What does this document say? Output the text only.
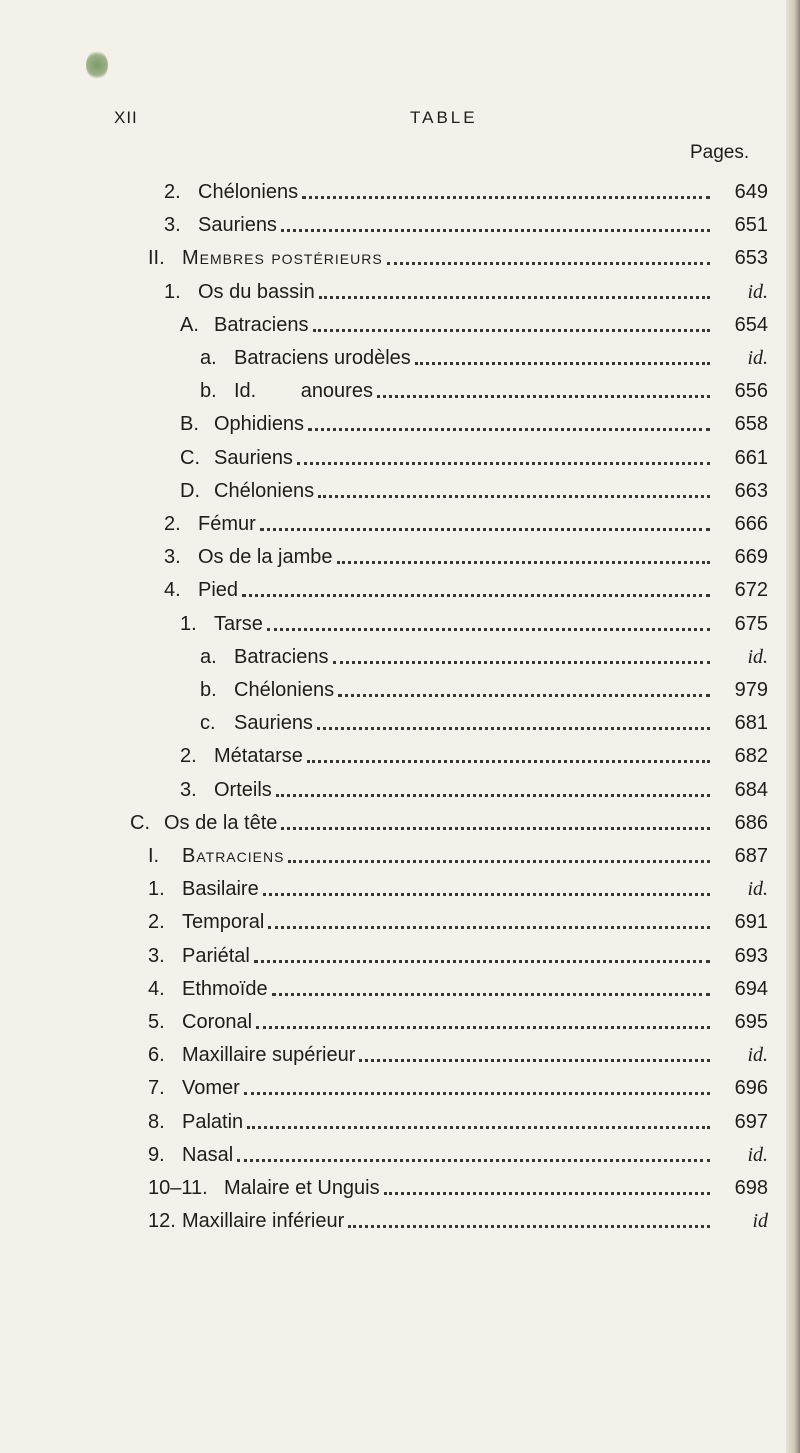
XII	TABLE
Pages.
2. Chéloniens	649
3. Sauriens	651
II. Membres postérieurs	653
1. Os du bassin	id.
A. Batraciens	654
a. Batraciens urodèles	id.
b. Id.        anoures	656
B. Ophidiens	658
C. Sauriens	661
D. Chéloniens	663
2. Fémur	666
3. Os de la jambe	669
4. Pied	672
1. Tarse	675
a. Batraciens	id.
b. Chéloniens	979
c. Sauriens	681
2. Métatarse	682
3. Orteils	684
C. Os de la tête	686
I.	Batraciens	687
1. Basilaire	id.
2. Temporal	691
3. Pariétal	693
4. Ethmoïde	694
5. Coronal	695
6. Maxillaire supérieur	id.
7. Vomer	696
8. Palatin	697
9. Nasal	id.
10–11. Malaire et Unguis	698
12. Maxillaire inférieur	id
